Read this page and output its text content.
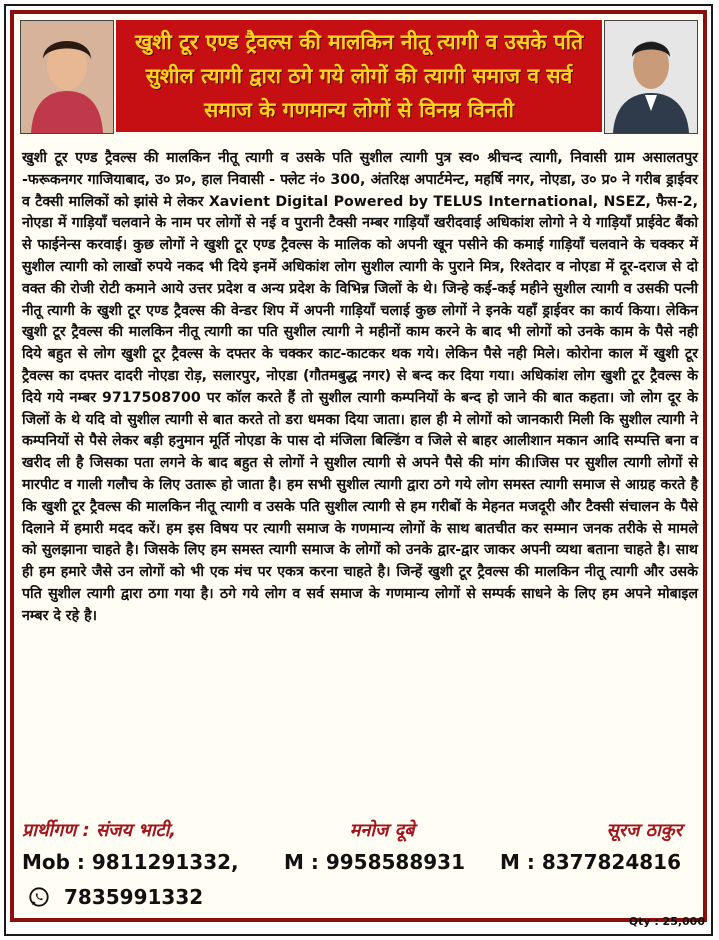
खुशी टूर एण्ड ट्रैवल्स की मालकिन नीतू त्यागी व उसके पति सुशील त्यागी द्वारा ठगे गये लोगों की त्यागी समाज व सर्व समाज के गणमान्य लोगों से विनम्र विनती

खुशी टूर एण्ड ट्रैवल्स की मालकिन नीतू त्यागी व उसके पति सुशील त्यागी पुत्र स्व० श्रीचन्द त्यागी, निवासी ग्राम असालतपुर -फरूकनगर गाजियाबाद, उ० प्र०, हाल निवासी - फ्लेट नं० 300, अंतरिक्ष अपार्टमेन्ट, महर्षि नगर, नोएडा, उ० प्र० ने गरीब ड्राईवर व टैक्सी मालिकों को झांसे मे लेकर Xavient Digital Powered by TELUS International, NSEZ, फैस-2, नोएडा में गाड़ियाँ चलवाने के नाम पर लोगों से नई व पुरानी टैक्सी नम्बर गाड़ियाँ खरीदवाई अधिकांश लोगो ने ये गाड़ियाँ प्राईवेट बैंको से फाईनेन्स करवाई। कुछ लोगों ने खुशी टूर एण्ड ट्रैवल्स के मालिक को अपनी खून पसीने की कमाई गाड़ियाँ चलवाने के चक्कर में सुशील त्यागी को लाखों रुपये नकद भी दिये इनमें अधिकांश लोग सुशील त्यागी के पुराने मित्र, रिश्तेदार व नोएडा में दूर-दराज से दो वक्त की रोजी रोटी कमाने आये उत्तर प्रदेश व अन्य प्रदेश के विभिन्न जिलों के थे। जिन्हे कई-कई महीने सुशील त्यागी व उसकी पत्नी नीतू त्यागी के खुशी टूर एण्ड ट्रैवल्स की वेन्डर शिप में अपनी गाड़ियाँ चलाई कुछ लोगों ने इनके यहाँ ड्राईवर का कार्य किया। लेकिन खुशी टूर ट्रैवल्स की मालकिन नीतू त्यागी का पति सुशील त्यागी ने महीनों काम करने के बाद भी लोगों को उनके काम के पैसे नही दिये बहुत से लोग खुशी टूर ट्रैवल्स के दफ्तर के चक्कर काट-काटकर थक गये। लेकिन पैसे नही मिले। कोरोना काल में खुशी टूर ट्रैवल्स का दफ्तर दादरी नोएडा रोड़, सलारपुर, नोएडा (गौतमबुद्ध नगर) से बन्द कर दिया गया। अधिकांश लोग खुशी टूर ट्रैवल्स के दिये गये नम्बर 9717508700 पर कॉल करते हैं तो सुशील त्यागी कम्पनियों के बन्द हो जाने की बात कहता। जो लोग दूर के जिलों के थे यदि वो सुशील त्यागी से बात करते तो डरा धमका दिया जाता। हाल ही मे लोगों को जानकारी मिली कि सुशील त्यागी ने कम्पनियों से पैसे लेकर बड़ी हनुमान मूर्ति नोएडा के पास दो मंजिला बिल्डिंग व जिले से बाहर आलीशान मकान आदि सम्पत्ति बना व खरीद ली है जिसका पता लगने के बाद बहुत से लोगों ने सुशील त्यागी से अपने पैसे की मांग की।जिस पर सुशील त्यागी लोगों से मारपीट व गाली गलौच के लिए उतारू हो जाता है। हम सभी सुशील त्यागी द्वारा ठगे गये लोग समस्त त्यागी समाज से आग्रह करते है कि खुशी टूर ट्रैवल्स की मालकिन नीतू त्यागी व उसके पति सुशील त्यागी से हम गरीबों के मेहनत मजदूरी और टैक्सी संचालन के पैसे दिलाने में हमारी मदद करें। हम इस विषय पर त्यागी समाज के गणमान्य लोगों के साथ बातचीत कर सम्मान जनक तरीके से मामले को सुलझाना चाहते है। जिसके लिए हम समस्त त्यागी समाज के लोगों को उनके द्वार-द्वार जाकर अपनी व्यथा बताना चाहते है। साथ ही हम हमारे जैसे उन लोगों को भी एक मंच पर एकत्र करना चाहते है। जिन्हें खुशी टूर ट्रैवल्स की मालकिन नीतू त्यागी और उसके पति सुशील त्यागी द्वारा ठगा गया है। ठगे गये लोग व सर्व समाज के गणमान्य लोगों से सम्पर्क साधने के लिए हम अपने मोबाइल नम्बर दे रहे है।

प्रार्थीगण : संजय भाटी,	मनोज दूबे	सूरज ठाकुर
Mob : 9811291332,	M : 9958588931	M : 8377824816
7835991332
Qty : 25,000
